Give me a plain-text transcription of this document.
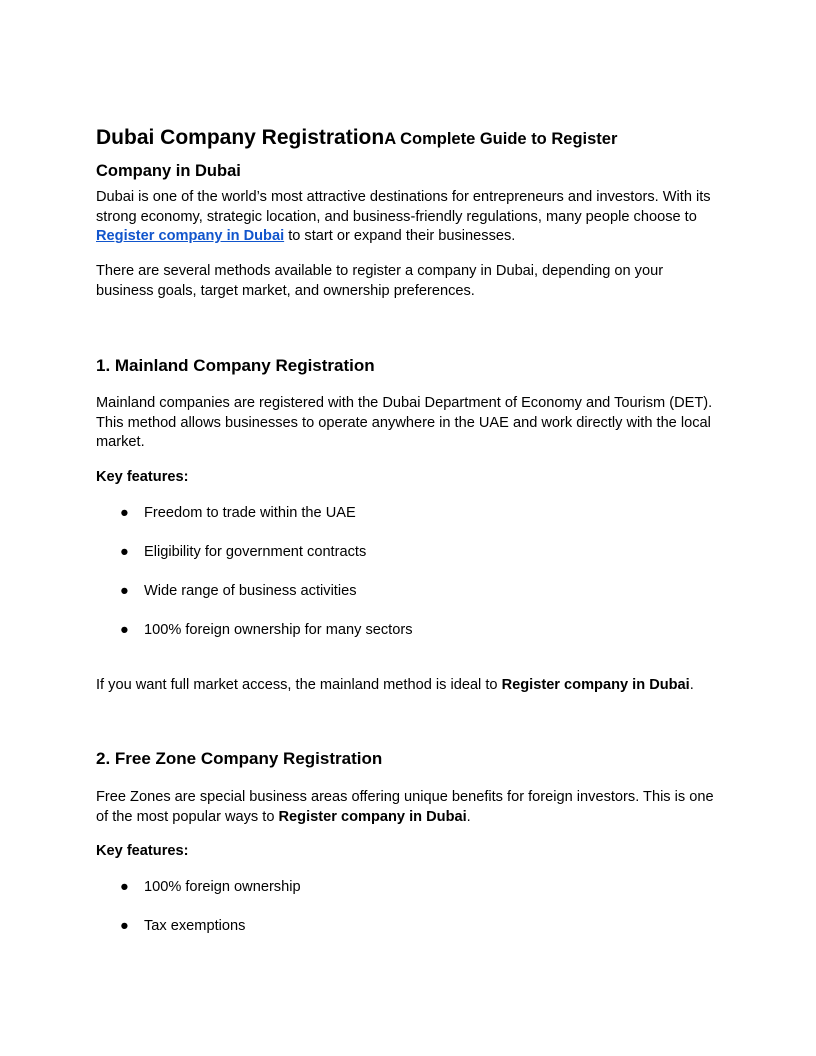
Dubai Company RegistrationA Complete Guide to Register Company in Dubai

Dubai is one of the world’s most attractive destinations for entrepreneurs and investors. With its strong economy, strategic location, and business-friendly regulations, many people choose to Register company in Dubai to start or expand their businesses.

There are several methods available to register a company in Dubai, depending on your business goals, target market, and ownership preferences.

1. Mainland Company Registration

Mainland companies are registered with the Dubai Department of Economy and Tourism (DET). This method allows businesses to operate anywhere in the UAE and work directly with the local market.

Key features:

● Freedom to trade within the UAE
● Eligibility for government contracts
● Wide range of business activities
● 100% foreign ownership for many sectors

If you want full market access, the mainland method is ideal to Register company in Dubai.

2. Free Zone Company Registration

Free Zones are special business areas offering unique benefits for foreign investors. This is one of the most popular ways to Register company in Dubai.

Key features:

● 100% foreign ownership
● Tax exemptions
